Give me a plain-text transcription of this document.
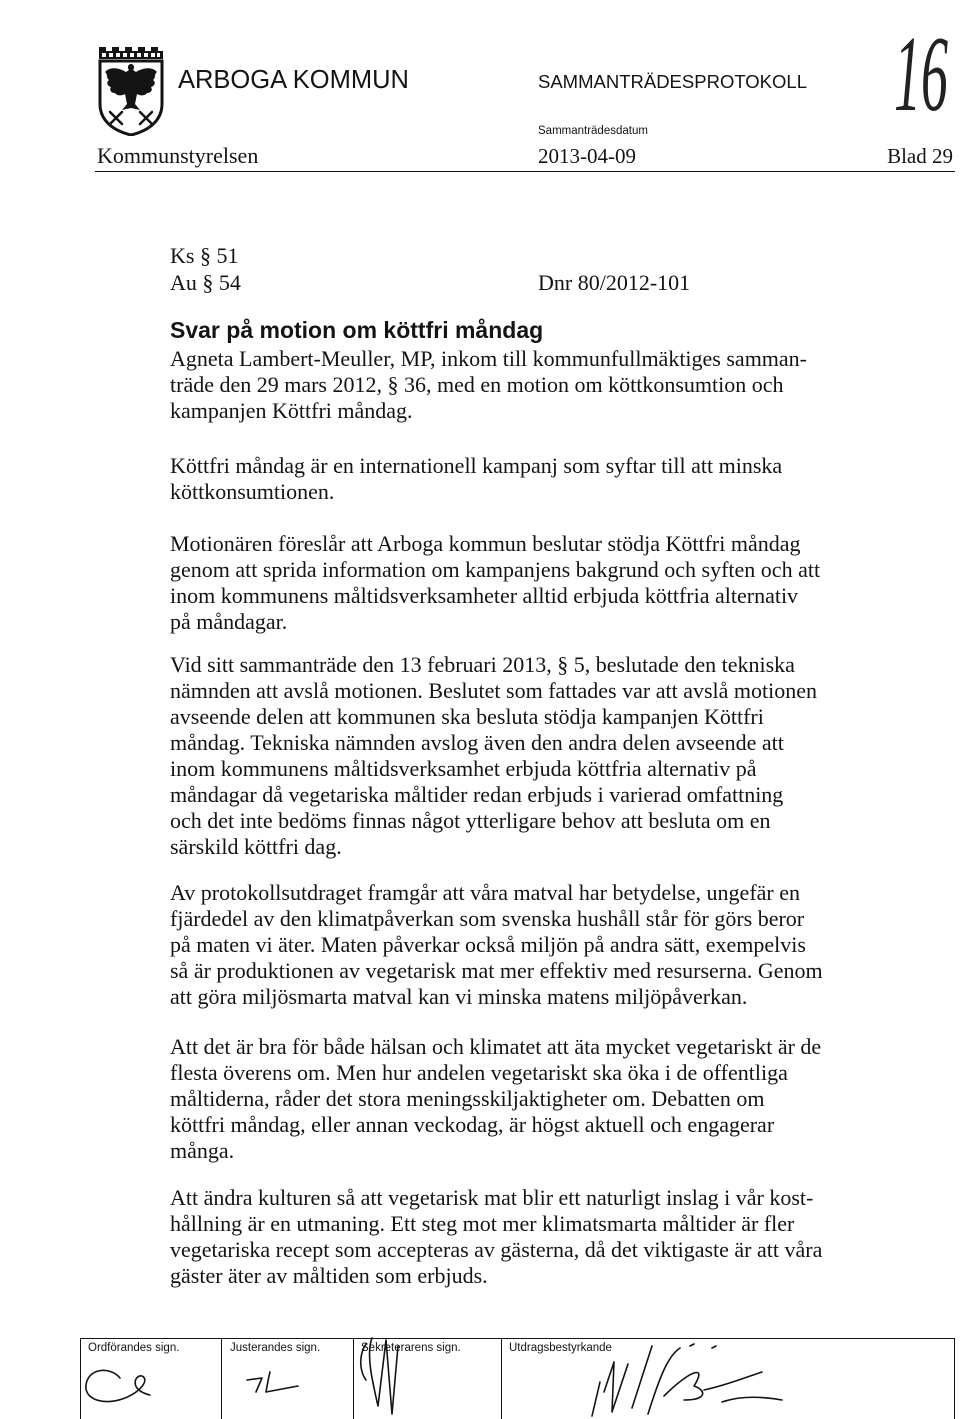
ARBOGA KOMMUN	SAMMANTRÄDESPROTOKOLL 16
Sammanträdesdatum
Kommunstyrelsen	2013-04-09	Blad 29
Ks § 51
Au § 54	Dnr 80/2012-101
Svar på motion om köttfri måndag
Agneta Lambert-Meuller, MP, inkom till kommunfullmäktiges samman-
träde den 29 mars 2012, § 36, med en motion om köttkonsumtion och
kampanjen Köttfri måndag.
Köttfri måndag är en internationell kampanj som syftar till att minska
köttkonsumtionen.
Motionären föreslår att Arboga kommun beslutar stödja Köttfri måndag
genom att sprida information om kampanjens bakgrund och syften och att
inom kommunens måltidsverksamheter alltid erbjuda köttfria alternativ
på måndagar.
Vid sitt sammanträde den 13 februari 2013, § 5, beslutade den tekniska
nämnden att avslå motionen. Beslutet som fattades var att avslå motionen
avseende delen att kommunen ska besluta stödja kampanjen Köttfri
måndag. Tekniska nämnden avslog även den andra delen avseende att
inom kommunens måltidsverksamhet erbjuda köttfria alternativ på
måndagar då vegetariska måltider redan erbjuds i varierad omfattning
och det inte bedöms finnas något ytterligare behov att besluta om en
särskild köttfri dag.
Av protokollsutdraget framgår att våra matval har betydelse, ungefär en
fjärdedel av den klimatpåverkan som svenska hushåll står för görs beror
på maten vi äter. Maten påverkar också miljön på andra sätt, exempelvis
så är produktionen av vegetarisk mat mer effektiv med resurserna. Genom
att göra miljösmarta matval kan vi minska matens miljöpåverkan.
Att det är bra för både hälsan och klimatet att äta mycket vegetariskt är de
flesta överens om. Men hur andelen vegetariskt ska öka i de offentliga
måltiderna, råder det stora meningsskiljaktigheter om. Debatten om
köttfri måndag, eller annan veckodag, är högst aktuell och engagerar
många.
Att ändra kulturen så att vegetarisk mat blir ett naturligt inslag i vår kost-
hållning är en utmaning. Ett steg mot mer klimatsmarta måltider är fler
vegetariska recept som accepteras av gästerna, då det viktigaste är att våra
gäster äter av måltiden som erbjuds.
Ordförandes sign.	Justerandes sign.	Sekreterarens sign.	Utdragsbestyrkande
